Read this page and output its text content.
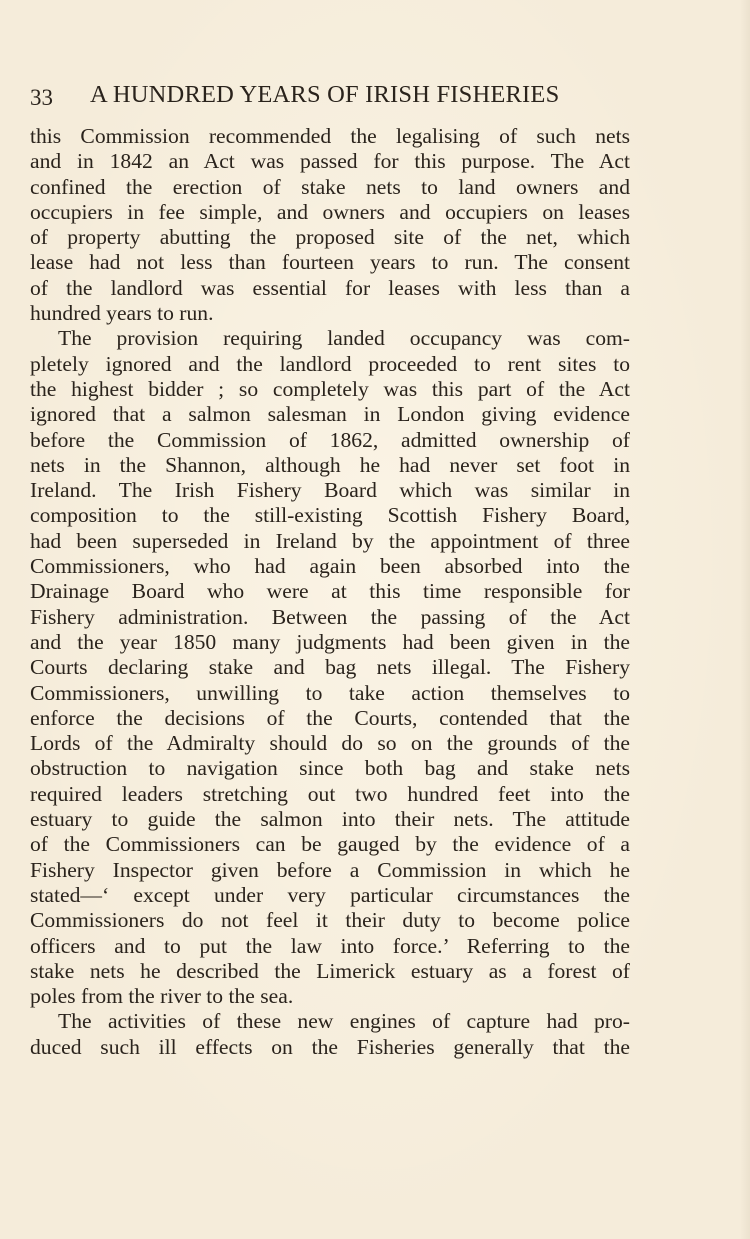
33 A HUNDRED YEARS OF IRISH FISHERIES
this Commission recommended the legalising of such nets
and in 1842 an Act was passed for this purpose. The Act
confined the erection of stake nets to land owners and
occupiers in fee simple, and owners and occupiers on leases
of property abutting the proposed site of the net, which
lease had not less than fourteen years to run. The consent
of the landlord was essential for leases with less than a
hundred years to run.
The provision requiring landed occupancy was com-
pletely ignored and the landlord proceeded to rent sites to
the highest bidder ; so completely was this part of the Act
ignored that a salmon salesman in London giving evidence
before the Commission of 1862, admitted ownership of
nets in the Shannon, although he had never set foot in
Ireland. The Irish Fishery Board which was similar in
composition to the still-existing Scottish Fishery Board,
had been superseded in Ireland by the appointment of three
Commissioners, who had again been absorbed into the
Drainage Board who were at this time responsible for
Fishery administration. Between the passing of the Act
and the year 1850 many judgments had been given in the
Courts declaring stake and bag nets illegal. The Fishery
Commissioners, unwilling to take action themselves to
enforce the decisions of the Courts, contended that the
Lords of the Admiralty should do so on the grounds of the
obstruction to navigation since both bag and stake nets
required leaders stretching out two hundred feet into the
estuary to guide the salmon into their nets. The attitude
of the Commissioners can be gauged by the evidence of a
Fishery Inspector given before a Commission in which he
stated—‘ except under very particular circumstances the
Commissioners do not feel it their duty to become police
officers and to put the law into force.’ Referring to the
stake nets he described the Limerick estuary as a forest of
poles from the river to the sea.
The activities of these new engines of capture had pro-
duced such ill effects on the Fisheries generally that the
